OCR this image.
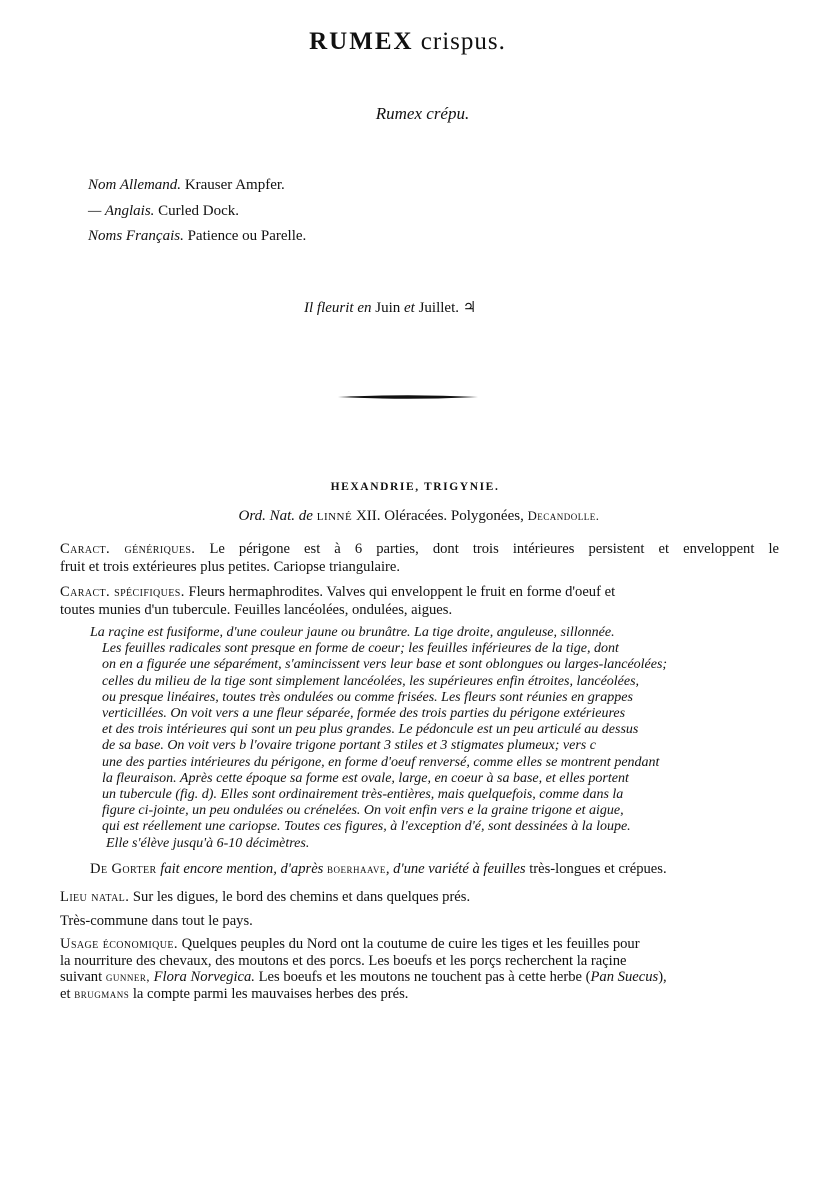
RUMEX crispus.
Rumex crépu.
Nom Allemand. Krauser Ampfer.
— Anglais. Curled Dock.
Noms Français. Patience ou Parelle.
Il fleurit en Juin et Juillet. ♃
HEXANDRIE, TRIGYNIE.
Ord. Nat. de LINNÉ XII. Oléracées. Polygonées, Decandolle.
Caract. génériques. Le périgone est à 6 parties, dont trois intérieures persistent et enveloppent le
fruit et trois extérieures plus petites. Cariopse triangulaire.
Caract. spécifiques. Fleurs hermaphrodites. Valves qui enveloppent le fruit en forme d'oeuf et
toutes munies d'un tubercule. Feuilles lancéolées, ondulées, aigues.
La raçine est fusiforme, d'une couleur jaune ou brunâtre. La tige droite, anguleuse, sillonnée.
Les feuilles radicales sont presque en forme de coeur; les feuilles inférieures de la tige, dont
on en a figurée une séparément, s'amincissent vers leur base et sont oblongues ou larges-lancéolées;
celles du milieu de la tige sont simplement lancéolées, les supérieures enfin étroites, lancéolées,
ou presque linéaires, toutes très ondulées ou comme frisées. Les fleurs sont réunies en grappes
verticillées. On voit vers a une fleur séparée, formée des trois parties du périgone extérieures
et des trois intérieures qui sont un peu plus grandes. Le pédoncule est un peu articulé au dessus
de sa base. On voit vers b l'ovaire trigone portant 3 stiles et 3 stigmates plumeux; vers c
une des parties intérieures du périgone, en forme d'oeuf renversé, comme elles se montrent pendant
la fleuraison. Après cette époque sa forme est ovale, large, en coeur à sa base, et elles portent
un tubercule (fig. d). Elles sont ordinairement très-entières, mais quelquefois, comme dans la
figure ci-jointe, un peu ondulées ou crénelées. On voit enfin vers e la graine trigone et aigue,
qui est réellement une cariopse. Toutes ces figures, à l'exception d'é, sont dessinées à la loupe.
Elle s'élève jusqu'à 6-10 décimètres.
De Gorter fait encore mention, d'après boerhaave, d'une variété à feuilles très-longues et crépues.
Lieu natal. Sur les digues, le bord des chemins et dans quelques prés.
Très-commune dans tout le pays.
Usage économique. Quelques peuples du Nord ont la coutume de cuire les tiges et les feuilles pour
la nourriture des chevaux, des moutons et des porcs. Les boeufs et les porçs recherchent la raçine
suivant gunner, Flora Norvegica. Les boeufs et les moutons ne touchent pas à cette herbe (Pan Suecus),
et brugmans la compte parmi les mauvaises herbes des prés.
